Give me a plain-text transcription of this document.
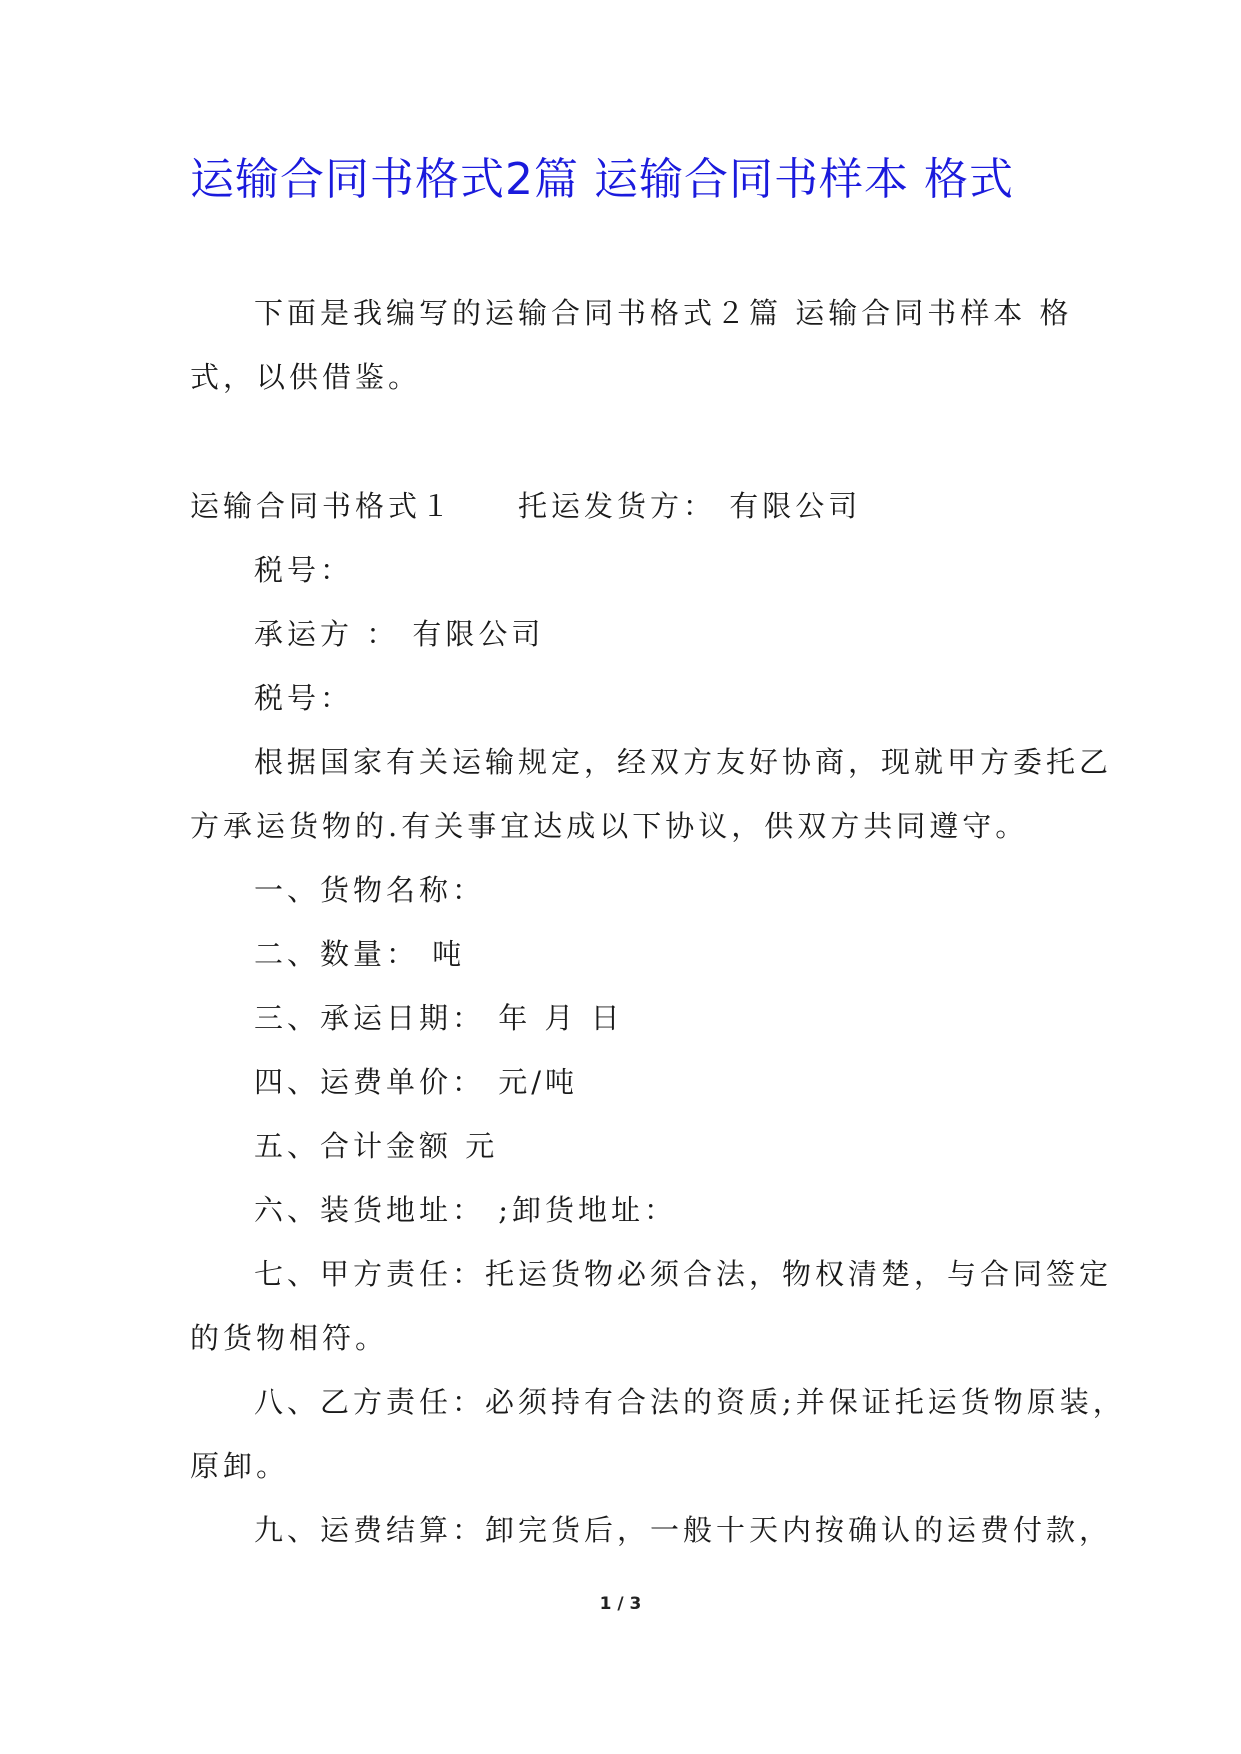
运输合同书格式2篇 运输合同书样本 格式
下面是我编写的运输合同书格式２篇 运输合同书样本 格
式，以供借鉴。
运输合同书格式１ 托运发货方： 有限公司
税号：
承运方 ： 有限公司
税号：
根据国家有关运输规定，经双方友好协商，现就甲方委托乙
方承运货物的.有关事宜达成以下协议，供双方共同遵守。
一、货物名称：
二、数量： 吨
三、承运日期： 年 月 日
四、运费单价： 元/吨
五、合计金额 元
六、装货地址： ;卸货地址：
七、甲方责任：托运货物必须合法，物权清楚，与合同签定
的货物相符。
八、乙方责任：必须持有合法的资质;并保证托运货物原装，
原卸。
九、运费结算：卸完货后，一般十天内按确认的运费付款，
1 / 3
